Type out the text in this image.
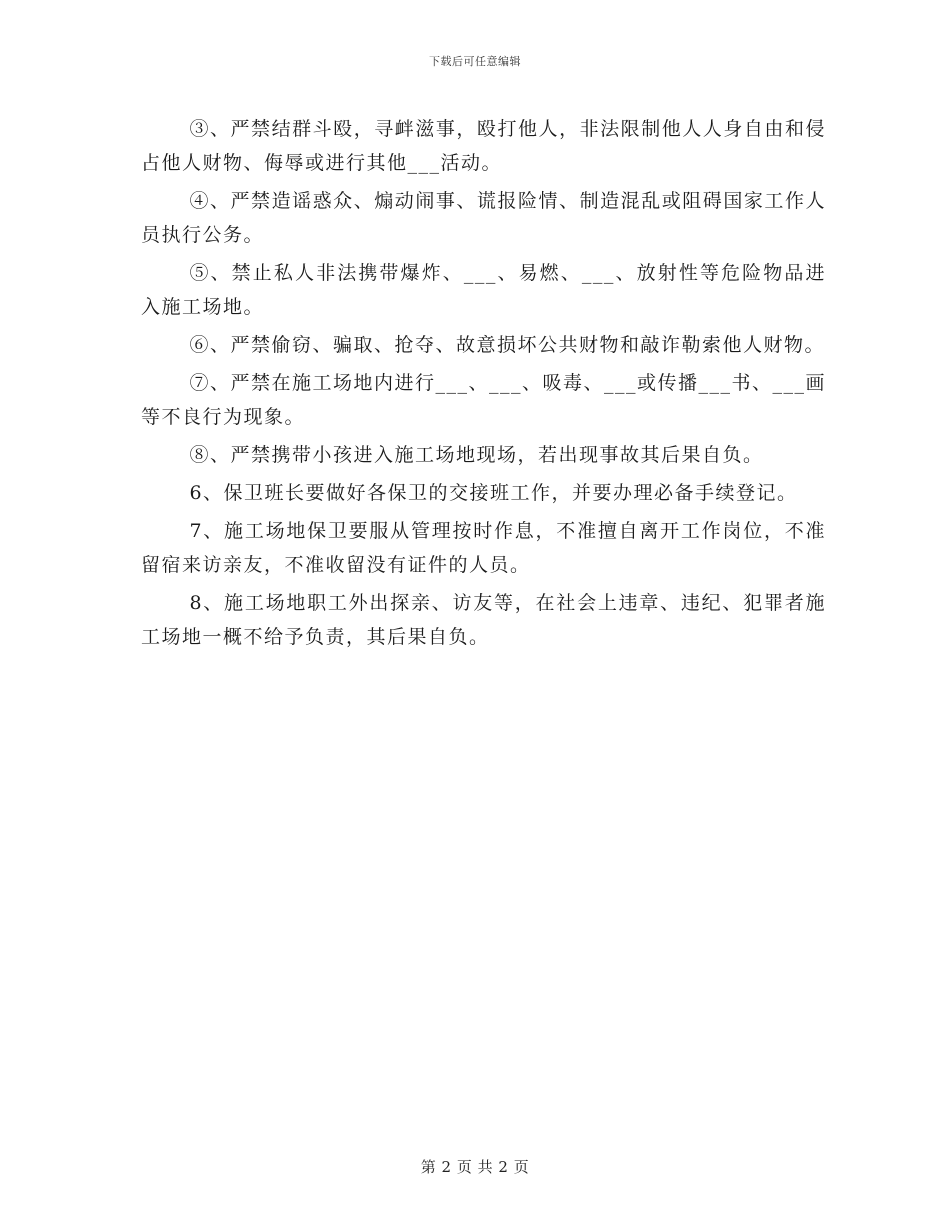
下载后可任意编辑

③、严禁结群斗殴，寻衅滋事，殴打他人，非法限制他人人身自由和侵占他人财物、侮辱或进行其他___活动。

④、严禁造谣惑众、煽动闹事、谎报险情、制造混乱或阻碍国家工作人员执行公务。

⑤、禁止私人非法携带爆炸、___、易燃、___、放射性等危险物品进入施工场地。

⑥、严禁偷窃、骗取、抢夺、故意损坏公共财物和敲诈勒索他人财物。

⑦、严禁在施工场地内进行___、___、吸毒、___或传播___书、___画等不良行为现象。

⑧、严禁携带小孩进入施工场地现场，若出现事故其后果自负。

6、保卫班长要做好各保卫的交接班工作，并要办理必备手续登记。

7、施工场地保卫要服从管理按时作息，不准擅自离开工作岗位，不准留宿来访亲友，不准收留没有证件的人员。

8、施工场地职工外出探亲、访友等，在社会上违章、违纪、犯罪者施工场地一概不给予负责，其后果自负。

第 2 页 共 2 页
